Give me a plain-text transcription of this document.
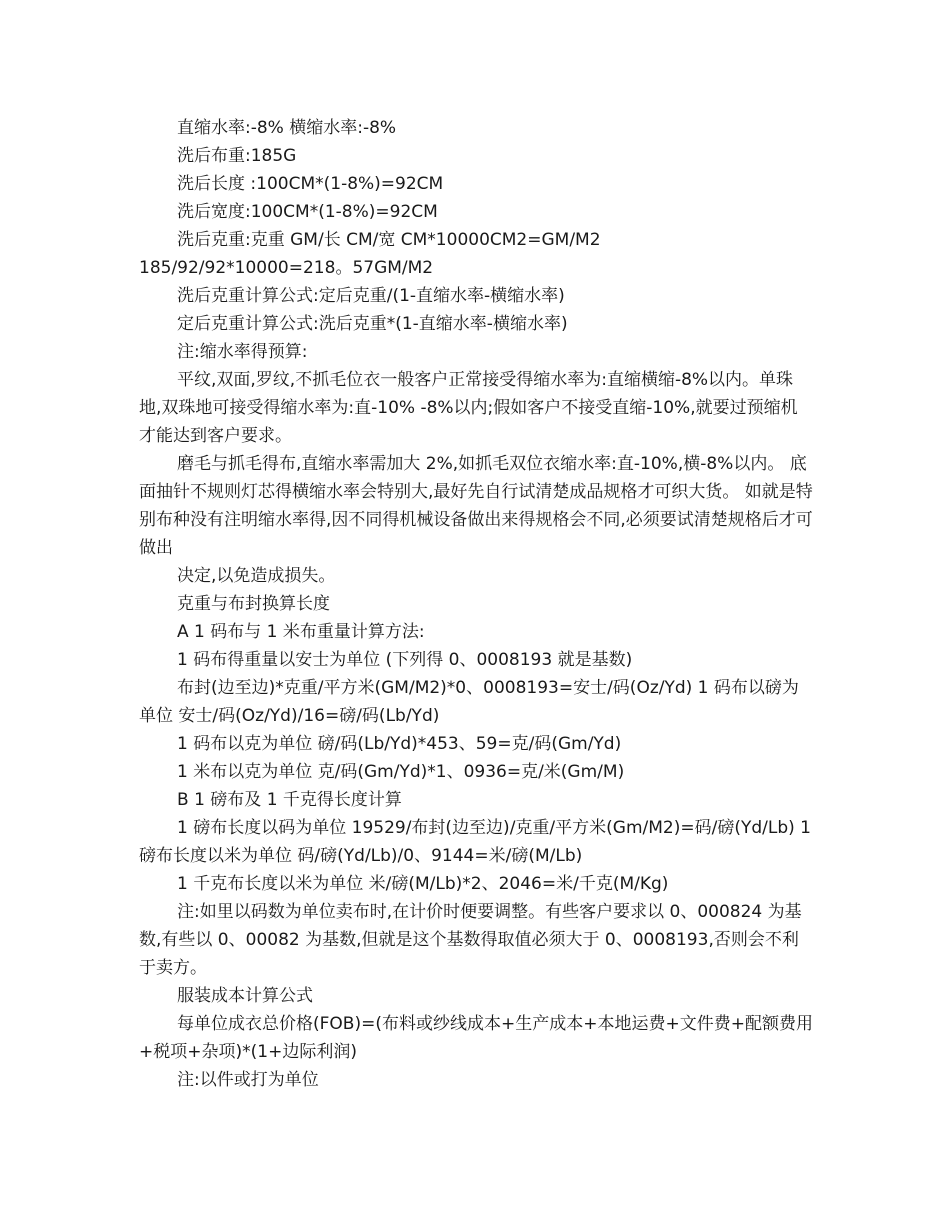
直缩水率:-8% 横缩水率:-8%

洗后布重:185G

洗后长度 :100CM*(1-8%)=92CM

洗后宽度:100CM*(1-8%)=92CM

洗后克重:克重 GM/长 CM/宽 CM*10000CM2=GM/M2

185/92/92*10000=218。57GM/M2

洗后克重计算公式:定后克重/(1-直缩水率-横缩水率)

定后克重计算公式:洗后克重*(1-直缩水率-横缩水率)

注:缩水率得预算:

平纹,双面,罗纹,不抓毛位衣一般客户正常接受得缩水率为:直缩横缩-8%以内。单珠地,双珠地可接受得缩水率为:直-10% -8%以内;假如客户不接受直缩-10%,就要过预缩机才能达到客户要求。

磨毛与抓毛得布,直缩水率需加大 2%,如抓毛双位衣缩水率:直-10%,横-8%以内。 底面抽针不规则灯芯得横缩水率会特别大,最好先自行试清楚成品规格才可织大货。 如就是特别布种没有注明缩水率得,因不同得机械设备做出来得规格会不同,必须要试清楚规格后才可做出

决定,以免造成损失。

克重与布封换算长度

A 1 码布与 1 米布重量计算方法:

1 码布得重量以安士为单位 (下列得 0、0008193 就是基数)

布封(边至边)*克重/平方米(GM/M2)*0、0008193=安士/码(Oz/Yd) 1 码布以磅为单位 安士/码(Oz/Yd)/16=磅/码(Lb/Yd)

1 码布以克为单位 磅/码(Lb/Yd)*453、59=克/码(Gm/Yd)

1 米布以克为单位 克/码(Gm/Yd)*1、0936=克/米(Gm/M)

B 1 磅布及 1 千克得长度计算

1 磅布长度以码为单位 19529/布封(边至边)/克重/平方米(Gm/M2)=码/磅(Yd/Lb) 1 磅布长度以米为单位 码/磅(Yd/Lb)/0、9144=米/磅(M/Lb)

1 千克布长度以米为单位 米/磅(M/Lb)*2、2046=米/千克(M/Kg)

注:如里以码数为单位卖布时,在计价时便要调整。有些客户要求以 0、000824 为基数,有些以 0、00082 为基数,但就是这个基数得取值必须大于 0、0008193,否则会不利于卖方。

服装成本计算公式

每单位成衣总价格(FOB)=(布料或纱线成本+生产成本+本地运费+文件费+配额费用+税项+杂项)*(1+边际利润)

注:以件或打为单位
